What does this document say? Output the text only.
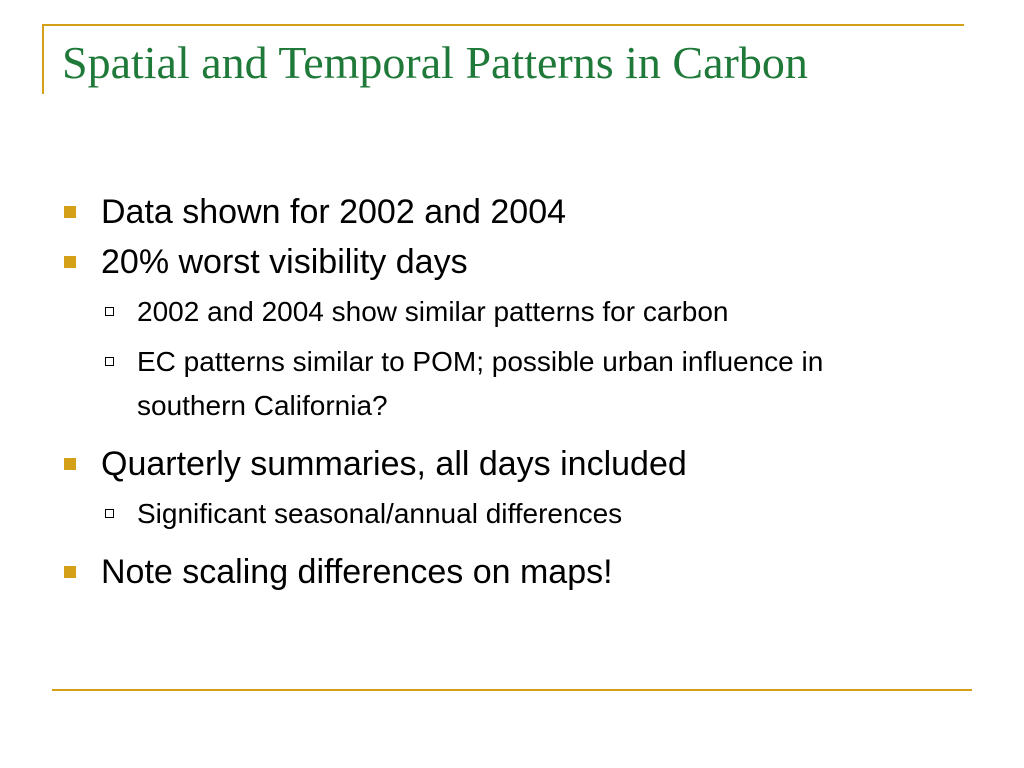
Spatial and Temporal Patterns in Carbon
Data shown for 2002 and 2004
20% worst visibility days
2002 and 2004 show similar patterns for carbon
EC patterns similar to POM; possible urban influence in southern California?
Quarterly summaries, all days included
Significant seasonal/annual differences
Note scaling differences on maps!
